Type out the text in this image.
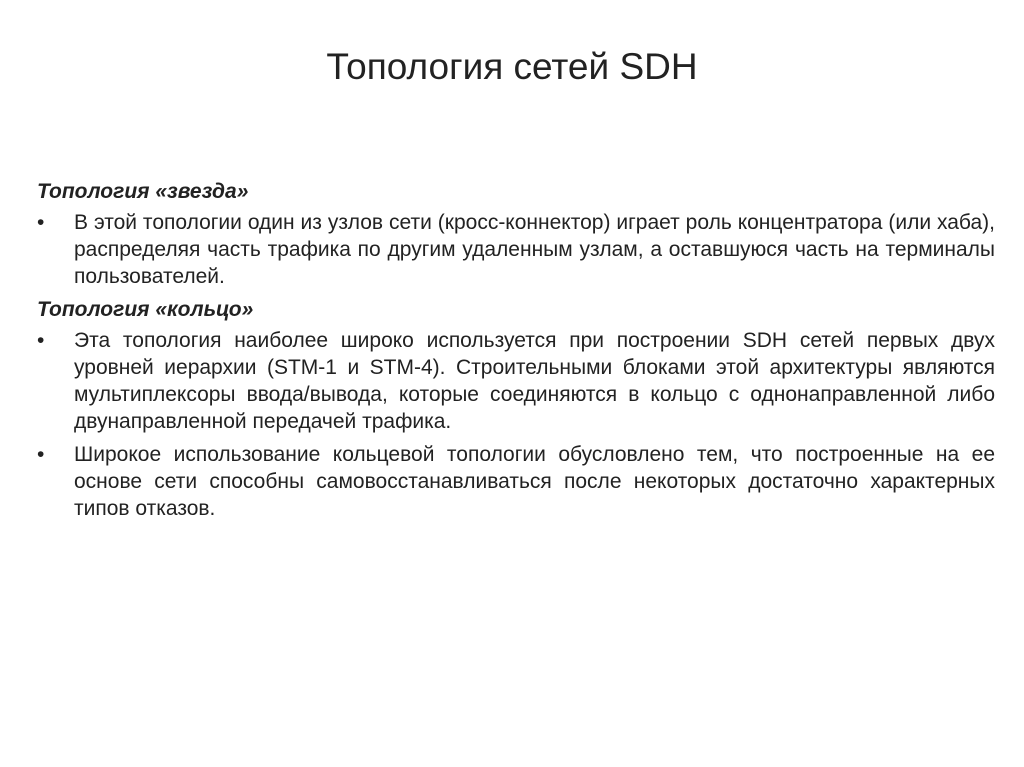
Топология сетей SDH
Топология «звезда»
•	В этой топологии один из узлов сети (кросс-коннектор) играет роль концентратора (или хаба), распределяя часть трафика по другим удаленным узлам, а оставшуюся часть на терминалы пользователей.
Топология «кольцо»
•	Эта топология наиболее широко используется при построении SDH сетей первых двух уровней иерархии (STM-1 и STM-4). Строительными блоками этой архитектуры являются мультиплексоры ввода/вывода, которые соединяются в кольцо с однонаправленной либо двунаправленной передачей трафика.
•	Широкое использование кольцевой топологии обусловлено тем, что построенные на ее основе сети способны самовосстанавливаться после некоторых достаточно характерных типов отказов.
